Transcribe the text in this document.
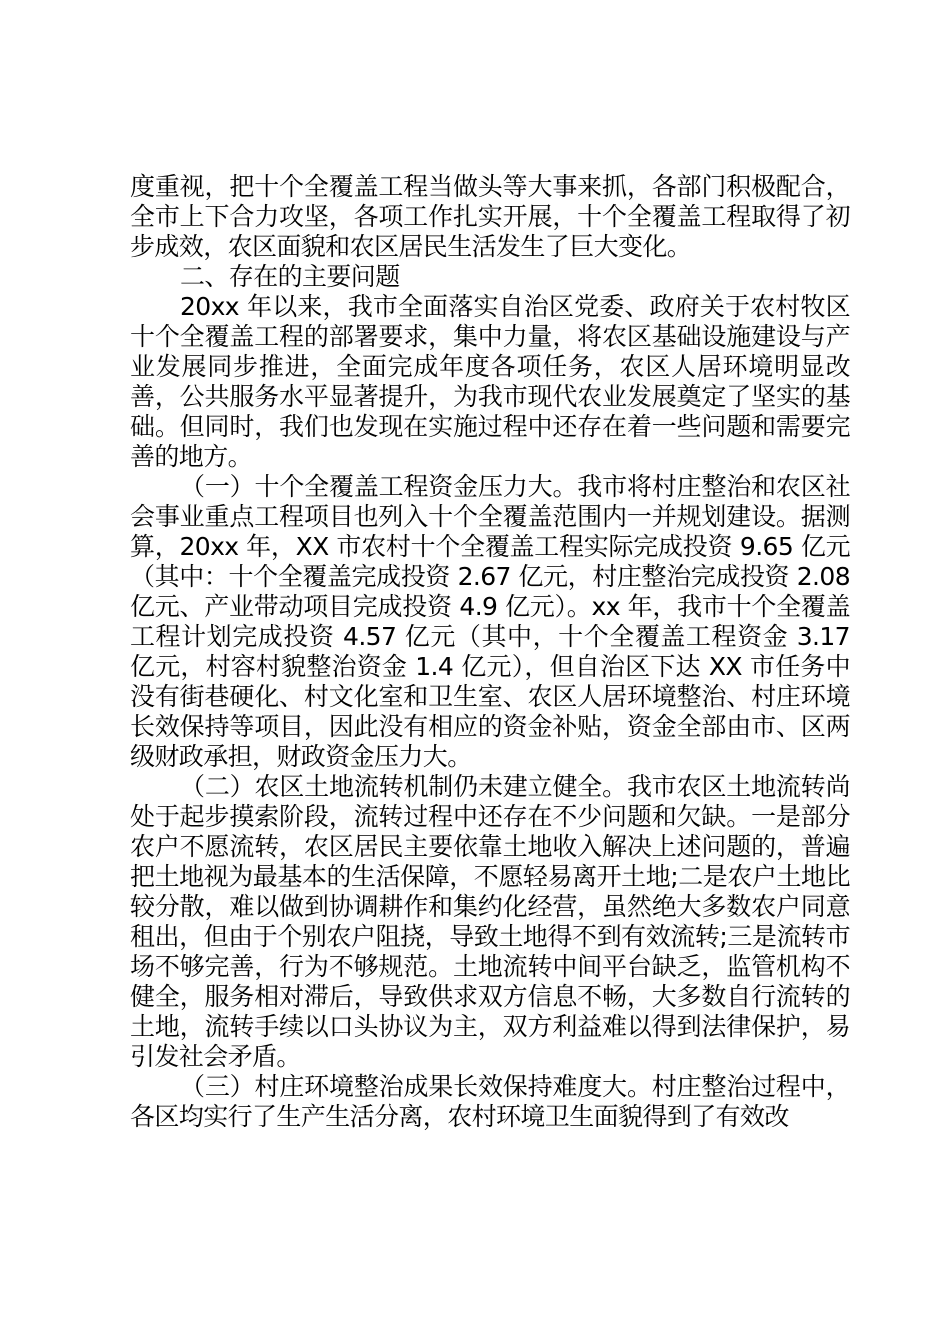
度重视，把十个全覆盖工程当做头等大事来抓，各部门积极配合，全市上下合力攻坚，各项工作扎实开展，十个全覆盖工程取得了初步成效，农区面貌和农区居民生活发生了巨大变化。

二、存在的主要问题

20xx 年以来，我市全面落实自治区党委、政府关于农村牧区十个全覆盖工程的部署要求，集中力量，将农区基础设施建设与产业发展同步推进，全面完成年度各项任务，农区人居环境明显改善，公共服务水平显著提升，为我市现代农业发展奠定了坚实的基础。但同时，我们也发现在实施过程中还存在着一些问题和需要完善的地方。

（一）十个全覆盖工程资金压力大。我市将村庄整治和农区社会事业重点工程项目也列入十个全覆盖范围内一并规划建设。据测算，20xx 年，XX 市农村十个全覆盖工程实际完成投资 9.65 亿元（其中：十个全覆盖完成投资 2.67 亿元，村庄整治完成投资 2.08 亿元、产业带动项目完成投资 4.9 亿元）。xx 年，我市十个全覆盖工程计划完成投资 4.57 亿元（其中，十个全覆盖工程资金 3.17 亿元，村容村貌整治资金 1.4 亿元），但自治区下达 XX 市任务中没有街巷硬化、村文化室和卫生室、农区人居环境整治、村庄环境长效保持等项目，因此没有相应的资金补贴，资金全部由市、区两级财政承担，财政资金压力大。

（二）农区土地流转机制仍未建立健全。我市农区土地流转尚处于起步摸索阶段，流转过程中还存在不少问题和欠缺。一是部分农户不愿流转，农区居民主要依靠土地收入解决上述问题的，普遍把土地视为最基本的生活保障，不愿轻易离开土地;二是农户土地比较分散，难以做到协调耕作和集约化经营，虽然绝大多数农户同意租出，但由于个别农户阻挠，导致土地得不到有效流转;三是流转市场不够完善，行为不够规范。土地流转中间平台缺乏，监管机构不健全，服务相对滞后，导致供求双方信息不畅，大多数自行流转的土地，流转手续以口头协议为主，双方利益难以得到法律保护，易引发社会矛盾。

（三）村庄环境整治成果长效保持难度大。村庄整治过程中，各区均实行了生产生活分离，农村环境卫生面貌得到了有效改
